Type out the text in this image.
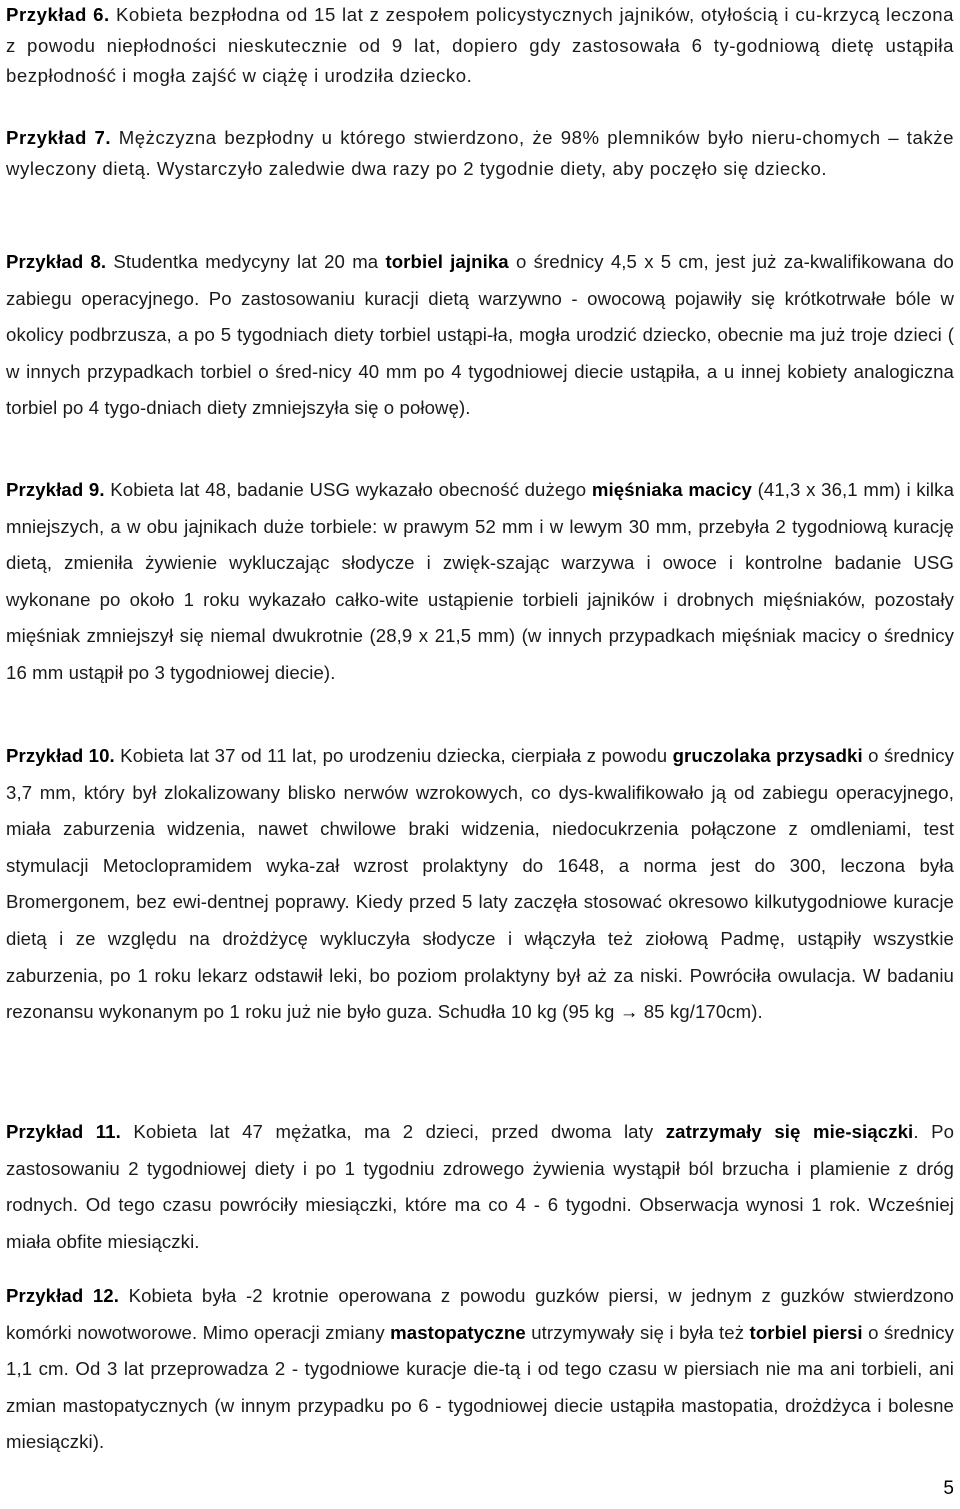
Przykład 6. Kobieta bezpłodna od 15 lat z zespołem policystycznych jajników, otyłością i cu-krzycą leczona z powodu niepłodności nieskutecznie od 9 lat, dopiero gdy zastosowała 6 ty-godniową dietę ustąpiła bezpłodność i mogła zajść w ciążę i urodziła dziecko.

Przykład 7. Mężczyzna bezpłodny u którego stwierdzono, że 98% plemników było nieru-chomych – także wyleczony dietą. Wystarczyło zaledwie dwa razy po 2 tygodnie diety, aby poczęło się dziecko.

Przykład 8. Studentka medycyny lat 20 ma torbiel jajnika o średnicy 4,5 x 5 cm, jest już za-kwalifikowana do zabiegu operacyjnego. Po zastosowaniu kuracji dietą warzywno - owocową pojawiły się krótkotrwałe bóle w okolicy podbrzusza, a po 5 tygodniach diety torbiel ustąpi-ła, mogła urodzić dziecko, obecnie ma już troje dzieci ( w innych przypadkach torbiel o śred-nicy 40 mm po 4 tygodniowej diecie ustąpiła, a u innej kobiety analogiczna torbiel po 4 tygo-dniach diety zmniejszyła się o połowę).

Przykład 9. Kobieta lat 48, badanie USG wykazało obecność dużego mięśniaka macicy (41,3 x 36,1 mm) i kilka mniejszych, a w obu jajnikach duże torbiele: w prawym 52 mm i w lewym 30 mm, przebyła 2 tygodniową kurację dietą, zmieniła żywienie wykluczając słodycze i zwięk-szając warzywa i owoce i kontrolne badanie USG wykonane po około 1 roku wykazało całko-wite ustąpienie torbieli jajników i drobnych mięśniaków, pozostały mięśniak zmniejszył się niemal dwukrotnie (28,9 x 21,5 mm) (w innych przypadkach mięśniak macicy o średnicy 16 mm ustąpił po 3 tygodniowej diecie).

Przykład 10. Kobieta lat 37 od 11 lat, po urodzeniu dziecka, cierpiała z powodu gruczolaka przysadki o średnicy 3,7 mm, który był zlokalizowany blisko nerwów wzrokowych, co dys-kwalifikowało ją od zabiegu operacyjnego, miała zaburzenia widzenia, nawet chwilowe braki widzenia, niedocukrzenia połączone z omdleniami, test stymulacji Metoclopramidem wyka-zał wzrost prolaktyny do 1648, a norma jest do 300, leczona była Bromergonem, bez ewi-dentnej poprawy. Kiedy przed 5 laty zaczęła stosować okresowo kilkutygodniowe kuracje dietą i ze względu na drożdżycę wykluczyła słodycze i włączyła też ziołową Padmę, ustąpiły wszystkie zaburzenia, po 1 roku lekarz odstawił leki, bo poziom prolaktyny był aż za niski. Powróciła owulacja. W badaniu rezonansu wykonanym po 1 roku już nie było guza. Schudła 10 kg (95 kg → 85 kg/170cm).

Przykład 11. Kobieta lat 47 mężatka, ma 2 dzieci, przed dwoma laty zatrzymały się mie-siączki. Po zastosowaniu 2 tygodniowej diety i po 1 tygodniu zdrowego żywienia wystąpił ból brzucha i plamienie z dróg rodnych. Od tego czasu powróciły miesiączki, które ma co 4 - 6 tygodni. Obserwacja wynosi 1 rok. Wcześniej miała obfite miesiączki.

Przykład 12. Kobieta była -2 krotnie operowana z powodu guzków piersi, w jednym z guzków stwierdzono komórki nowotworowe. Mimo operacji zmiany mastopatyczne utrzymywały się i była też torbiel piersi o średnicy 1,1 cm. Od 3 lat przeprowadza 2 - tygodniowe kuracje die-tą i od tego czasu w piersiach nie ma ani torbieli, ani zmian mastopatycznych (w innym przypadku po 6 - tygodniowej diecie ustąpiła mastopatia, drożdżyca i bolesne miesiączki).

5
